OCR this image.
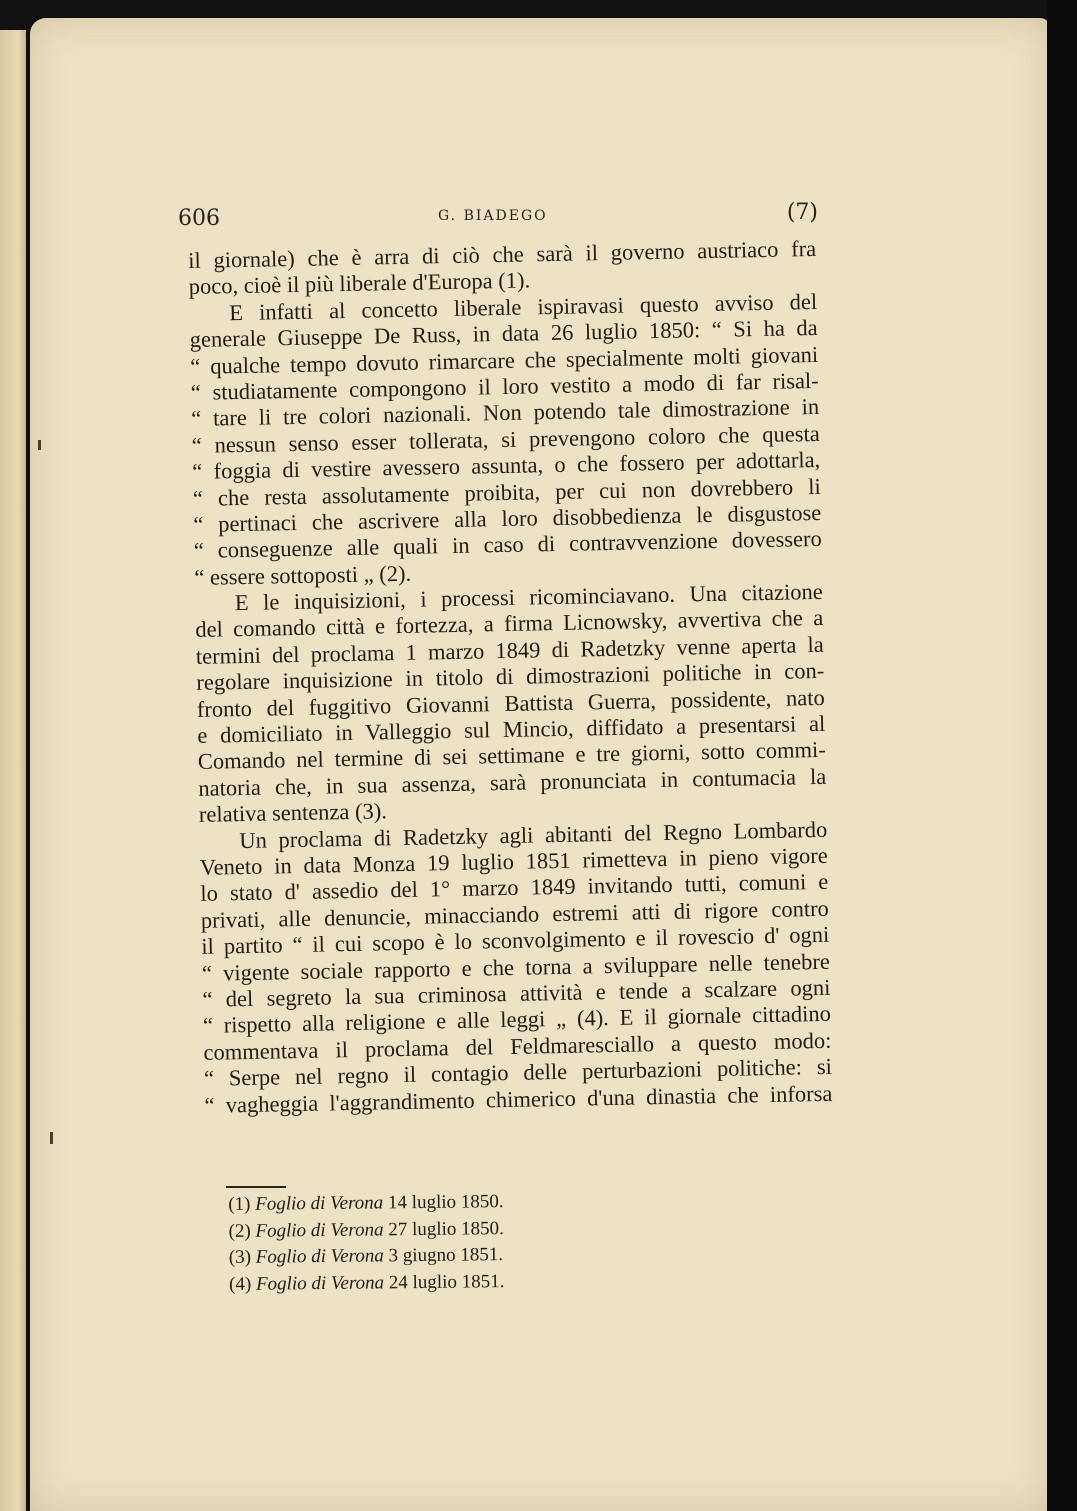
606	G. BIADEGO	(7)
il giornale) che è arra di ciò che sarà il governo austriaco fra
poco, cioè il più liberale d'Europa (1).
E infatti al concetto liberale ispiravasi questo avviso del
generale Giuseppe De Russ, in data 26 luglio 1850: “ Si ha da
“ qualche tempo dovuto rimarcare che specialmente molti giovani
“ studiatamente compongono il loro vestito a modo di far risal-
“ tare li tre colori nazionali. Non potendo tale dimostrazione in
“ nessun senso esser tollerata, si prevengono coloro che questa
“ foggia di vestire avessero assunta, o che fossero per adottarla,
“ che resta assolutamente proibita, per cui non dovrebbero li
“ pertinaci che ascrivere alla loro disobbedienza le disgustose
“ conseguenze alle quali in caso di contravvenzione dovessero
“ essere sottoposti „ (2).
E le inquisizioni, i processi ricominciavano. Una citazione
del comando città e fortezza, a firma Licnowsky, avvertiva che a
termini del proclama 1 marzo 1849 di Radetzky venne aperta la
regolare inquisizione in titolo di dimostrazioni politiche in con-
fronto del fuggitivo Giovanni Battista Guerra, possidente, nato
e domiciliato in Valleggio sul Mincio, diffidato a presentarsi al
Comando nel termine di sei settimane e tre giorni, sotto commi-
natoria che, in sua assenza, sarà pronunciata in contumacia la
relativa sentenza (3).
Un proclama di Radetzky agli abitanti del Regno Lombardo
Veneto in data Monza 19 luglio 1851 rimetteva in pieno vigore
lo stato d' assedio del 1° marzo 1849 invitando tutti, comuni e
privati, alle denuncie, minacciando estremi atti di rigore contro
il partito “ il cui scopo è lo sconvolgimento e il rovescio d' ogni
“ vigente sociale rapporto e che torna a sviluppare nelle tenebre
“ del segreto la sua criminosa attività e tende a scalzare ogni
“ rispetto alla religione e alle leggi „ (4). E il giornale cittadino
commentava il proclama del Feldmaresciallo a questo modo:
“ Serpe nel regno il contagio delle perturbazioni politiche: si
“ vagheggia l'aggrandimento chimerico d'una dinastia che inforsa
(1) Foglio di Verona 14 luglio 1850.
(2) Foglio di Verona 27 luglio 1850.
(3) Foglio di Verona 3 giugno 1851.
(4) Foglio di Verona 24 luglio 1851.
